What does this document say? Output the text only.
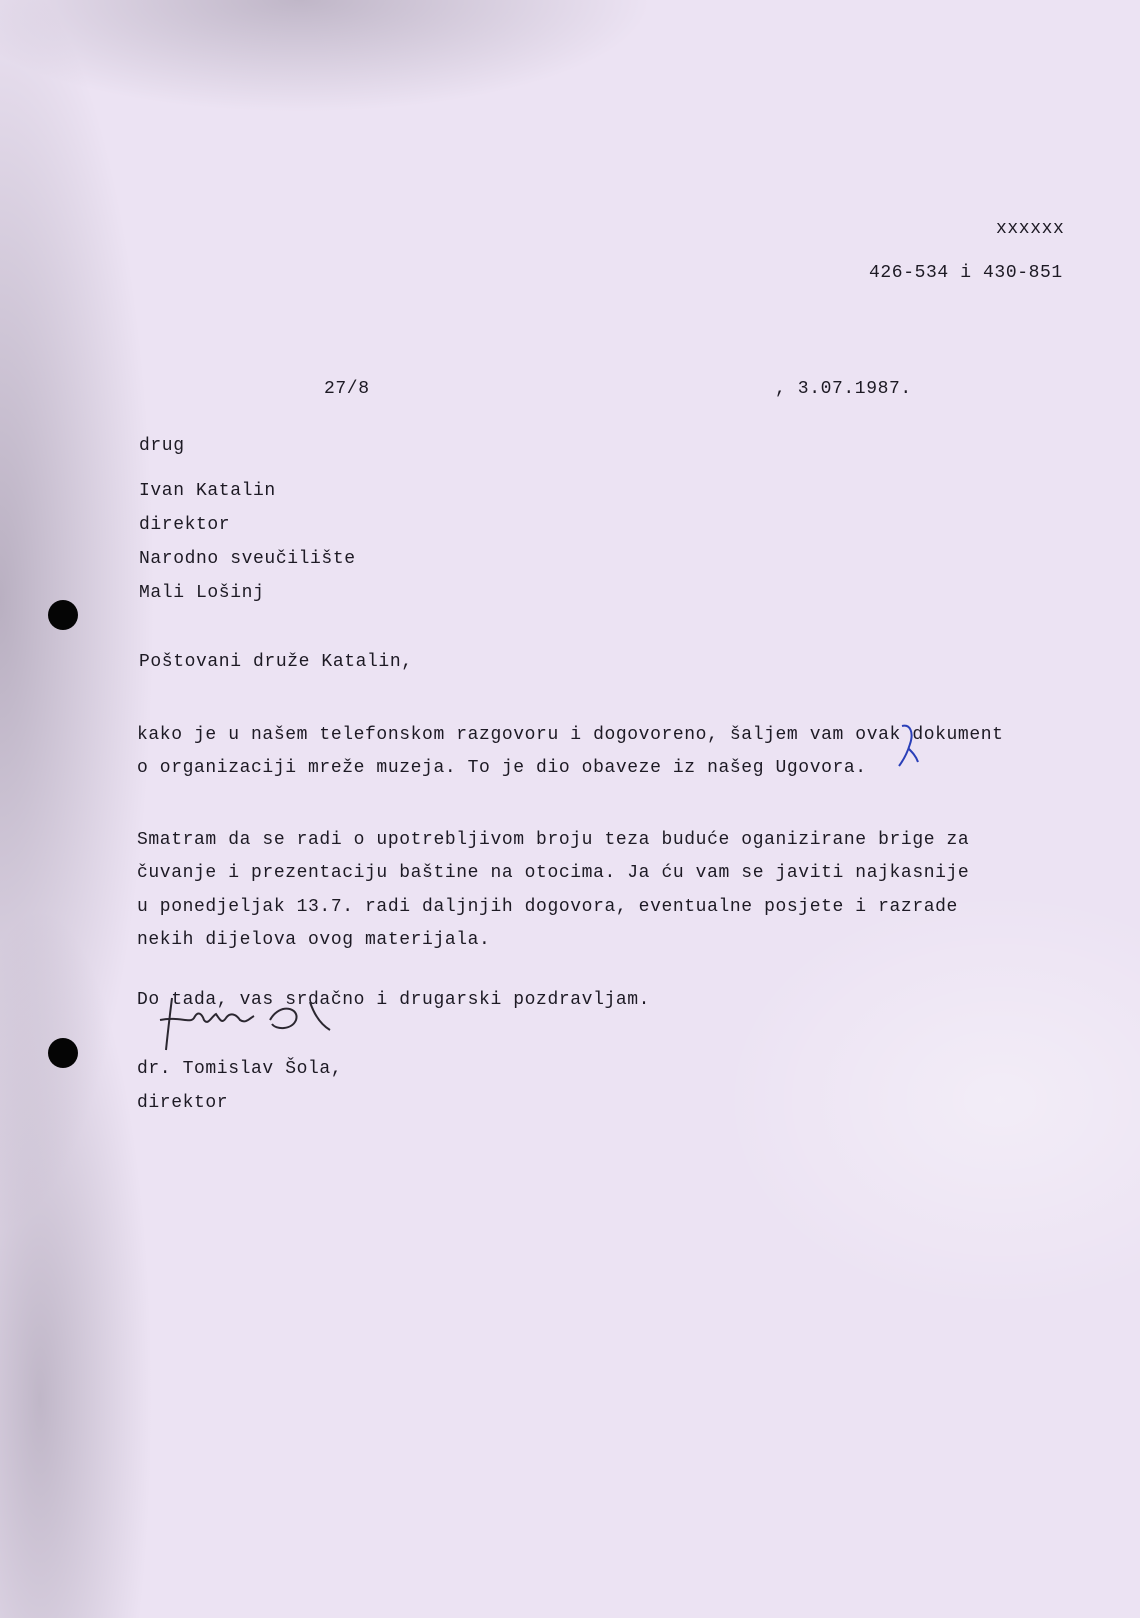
xxxxxx
426-534 i 430-851
27/8	, 3.07.1987.
drug
Ivan Katalin
direktor
Narodno sveučilište
Mali Lošinj
Poštovani druže Katalin,
kako je u našem telefonskom razgovoru i dogovoreno, šaljem vam ovak dokument
o organizaciji mreže muzeja. To je dio obaveze iz našeg Ugovora.
Smatram da se radi o upotrebljivom broju teza buduće oganizirane brige za
čuvanje i prezentaciju baštine na otocima. Ja ću vam se javiti najkasnije
u ponedjeljak 13.7. radi daljnjih dogovora, eventualne posjete i razrade
nekih dijelova ovog materijala.
Do tada, vas srdačno i drugarski pozdravljam.
dr. Tomislav Šola,
direktor
